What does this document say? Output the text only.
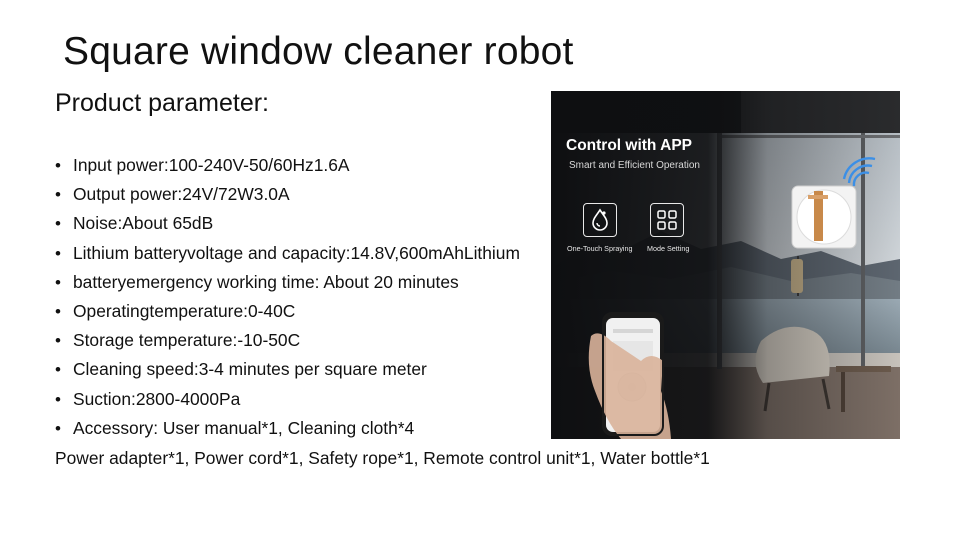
Square window cleaner robot
Product parameter:
• Input power:100-240V-50/60Hz1.6A
• Output power:24V/72W3.0A
• Noise:About 65dB
• Lithium batteryvoltage and capacity:14.8V,600mAhLithium
• batteryemergency working time: About 20 minutes
• Operatingtemperature:0-40C
• Storage temperature:-10-50C
• Cleaning speed:3-4 minutes per square meter
• Suction:2800-4000Pa
• Accessory: User manual*1, Cleaning cloth*4
Power adapter*1, Power cord*1, Safety rope*1, Remote control unit*1, Water bottle*1
Control with APP
Smart and Efficient Operation
One-Touch Spraying Mode Setting
